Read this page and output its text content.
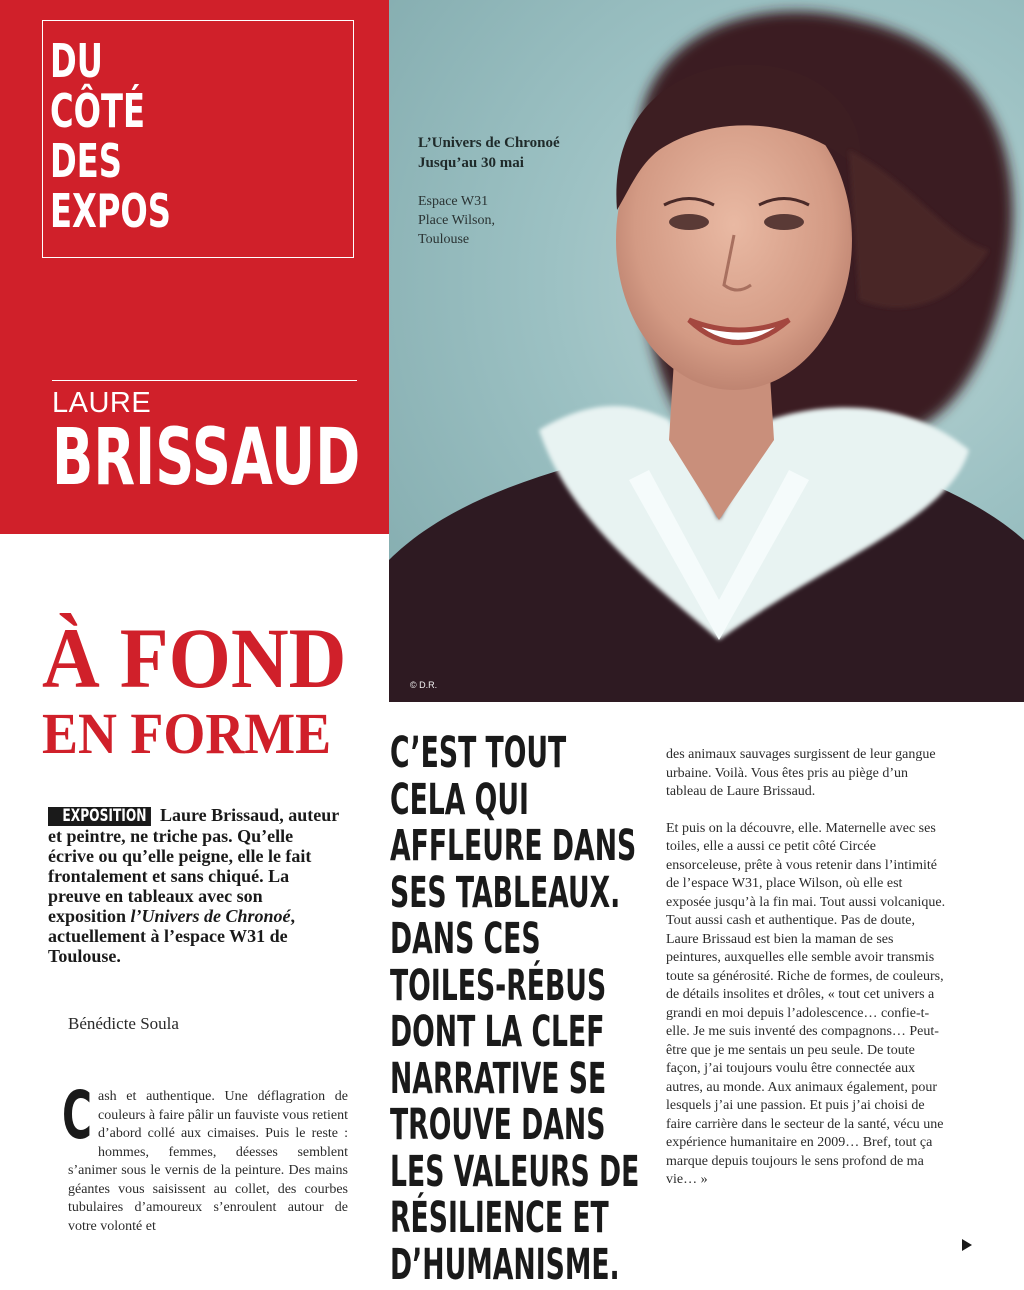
DU
CÔTÉ
DES
EXPOS
LAURE
BRISSAUD
L’Univers de Chronoé
Jusqu’au 30 mai
Espace W31
Place Wilson,
Toulouse
© D.R.
À FOND
EN FORME
EXPOSITION Laure Brissaud, auteur et peintre, ne triche pas. Qu’elle écrive ou qu’elle peigne, elle le fait frontalement et sans chiqué. La preuve en tableaux avec son exposition l’Univers de Chronoé, actuellement à l’espace W31 de Toulouse.
Bénédicte Soula
Cash et authentique. Une déflagration de couleurs à faire pâlir un fauviste vous retient d’abord collé aux cimaises. Puis le reste : hommes, femmes, déesses semblent s’animer sous le vernis de la peinture. Des mains géantes vous saisissent au collet, des courbes tubulaires d’amoureux s’enroulent autour de votre volonté et
C’EST TOUT
CELA QUI
AFFLEURE DANS
SES TABLEAUX.
DANS CES
TOILES-RÉBUS
DONT LA CLEF
NARRATIVE SE
TROUVE DANS
LES VALEURS DE
RÉSILIENCE ET
D’HUMANISME.

des animaux sauvages surgissent de leur gangue urbaine. Voilà. Vous êtes pris au piège d’un tableau de Laure Brissaud.

Et puis on la découvre, elle. Maternelle avec ses toiles, elle a aussi ce petit côté Circée ensorceleuse, prête à vous retenir dans l’intimité de l’espace W31, place Wilson, où elle est exposée jusqu’à la fin mai. Tout aussi volcanique. Tout aussi cash et authentique. Pas de doute, Laure Brissaud est bien la maman de ses peintures, auxquelles elle semble avoir transmis toute sa générosité. Riche de formes, de couleurs, de détails insolites et drôles, « tout cet univers a grandi en moi depuis l’adolescence… confie-t-elle. Je me suis inventé des compagnons… Peut-être que je me sentais un peu seule. De toute façon, j’ai toujours voulu être connectée aux autres, au monde. Aux animaux également, pour lesquels j’ai une passion. Et puis j’ai choisi de faire carrière dans le secteur de la santé, vécu une expérience humanitaire en 2009… Bref, tout ça marque depuis toujours le sens profond de ma vie… »
